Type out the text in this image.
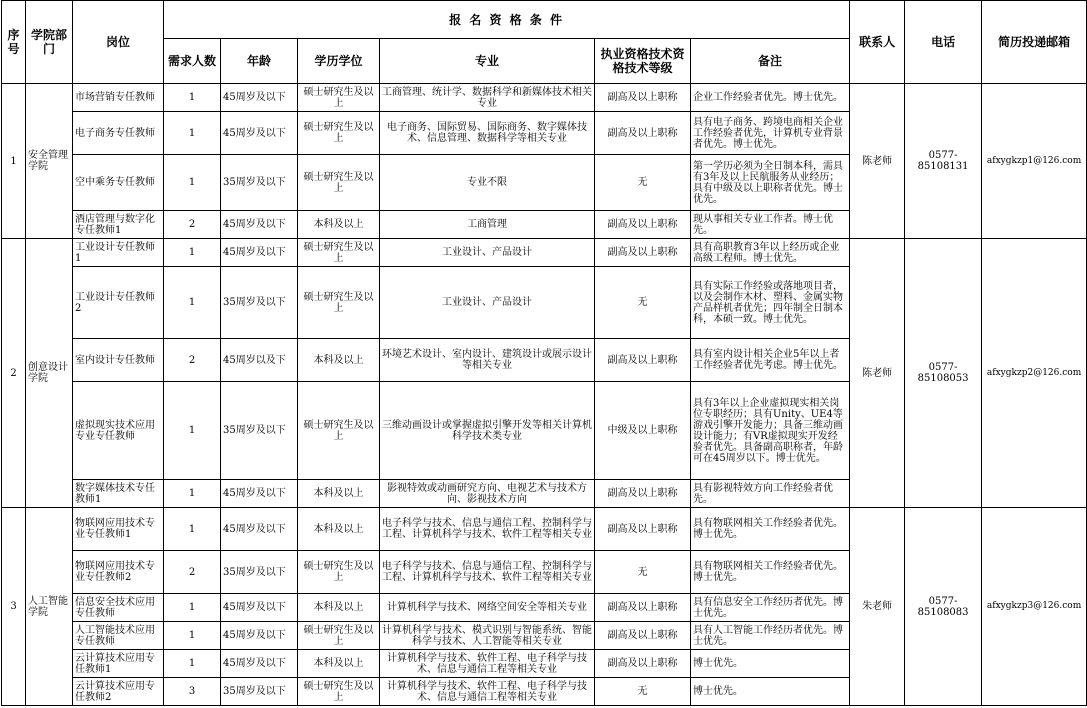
序号	学院部门	岗位	报 名 资 格 条 件						联系人	电话	简历投递邮箱
			需求人数	年龄	学历学位	专业	执业资格技术资格技术等级	备注			
1	安全管理学院	市场营销专任教师	1	45周岁及以下	硕士研究生及以上	工商管理、统计学、数据科学和新媒体技术相关专业	副高及以上职称	企业工作经验者优先。博士优先。	陈老师	0577-85108131	afxygkzp1@126.com
		电子商务专任教师	1	45周岁及以下	硕士研究生及以上	电子商务、国际贸易、国际商务、数字媒体技术、信息管理、数据科学等相关专业	副高及以上职称	具有电子商务、跨境电商相关企业工作经验者优先，计算机专业背景者优先。博士优先。			
		空中乘务专任教师	1	35周岁及以下	硕士研究生及以上	专业不限	无	第一学历必须为全日制本科，需具有3年及以上民航服务从业经历；具有中级及以上职称者优先。博士优先。			
		酒店管理与数字化专任教师1	2	45周岁及以下	本科及以上	工商管理	副高及以上职称	现从事相关专业工作者。博士优先。			
2	创意设计学院	工业设计专任教师1	1	45周岁及以下	硕士研究生及以上	工业设计、产品设计	副高及以上职称	具有高职教育3年以上经历或企业高级工程师。博士优先。	陈老师	0577-85108053	afxygkzp2@126.com
		工业设计专任教师2	1	35周岁及以下	硕士研究生及以上	工业设计、产品设计	无	具有实际工作经验或落地项目者，以及会制作木材、塑料、金属实物产品样机者优先；四年制全日制本科，本硕一致。博士优先。			
		室内设计专任教师	2	45周岁以及下	本科及以上	环境艺术设计、室内设计、建筑设计或展示设计等相关专业	副高及以上职称	具有室内设计相关企业5年以上者工作经验者优先考虑。博士优先。			
		虚拟现实技术应用专业专任教师	1	35周岁及以下	硕士研究生及以上	三维动画设计或掌握虚拟引擎开发等相关计算机科学技术类专业	中级及以上职称	具有3年以上企业虚拟现实相关岗位专职经历；具有Unity、UE4等游戏引擎开发能力；具备三维动画设计能力；有VR虚拟现实开发经验者优先。具备副高职称者，年龄可在45周岁以下。博士优先。			
		数字媒体技术专任教师1	1	45周岁及以下	本科及以上	影视特效或动画研究方向、电视艺术与技术方向、影视技术方向	副高及以上职称	具有影视特效方向工作经验者优先。			
3	人工智能学院	物联网应用技术专业专任教师1	1	45周岁及以下	本科及以上	电子科学与技术、信息与通信工程、控制科学与工程、计算机科学与技术、软件工程等相关专业	副高及以上职称	具有物联网相关工作经验者优先。博士优先。	朱老师	0577-85108083	afxygkzp3@126.com
		物联网应用技术专业专任教师2	2	35周岁及以下	硕士研究生及以上	电子科学与技术、信息与通信工程、控制科学与工程、计算机科学与技术、软件工程等相关专业	无	具有物联网相关工作经验者优先。博士优先。			
		信息安全技术应用专任教师	1	45周岁及以下	本科及以上	计算机科学与技术、网络空间安全等相关专业	副高及以上职称	具有信息安全工作经历者优先。博士优先。			
		人工智能技术应用专任教师	1	45周岁及以下	硕士研究生及以上	计算机科学与技术、模式识别与智能系统、智能科学与技术、人工智能等相关专业	副高及以上职称	具有人工智能工作经历者优先。博士优先。			
		云计算技术应用专任教师1	1	45周岁及以下	本科及以上	计算机科学与技术、软件工程、电子科学与技术、信息与通信工程等相关专业	副高及以上职称	博士优先。			
		云计算技术应用专任教师2	3	35周岁及以下	硕士研究生及以上	计算机科学与技术、软件工程、电子科学与技术、信息与通信工程等相关专业	无	博士优先。			
